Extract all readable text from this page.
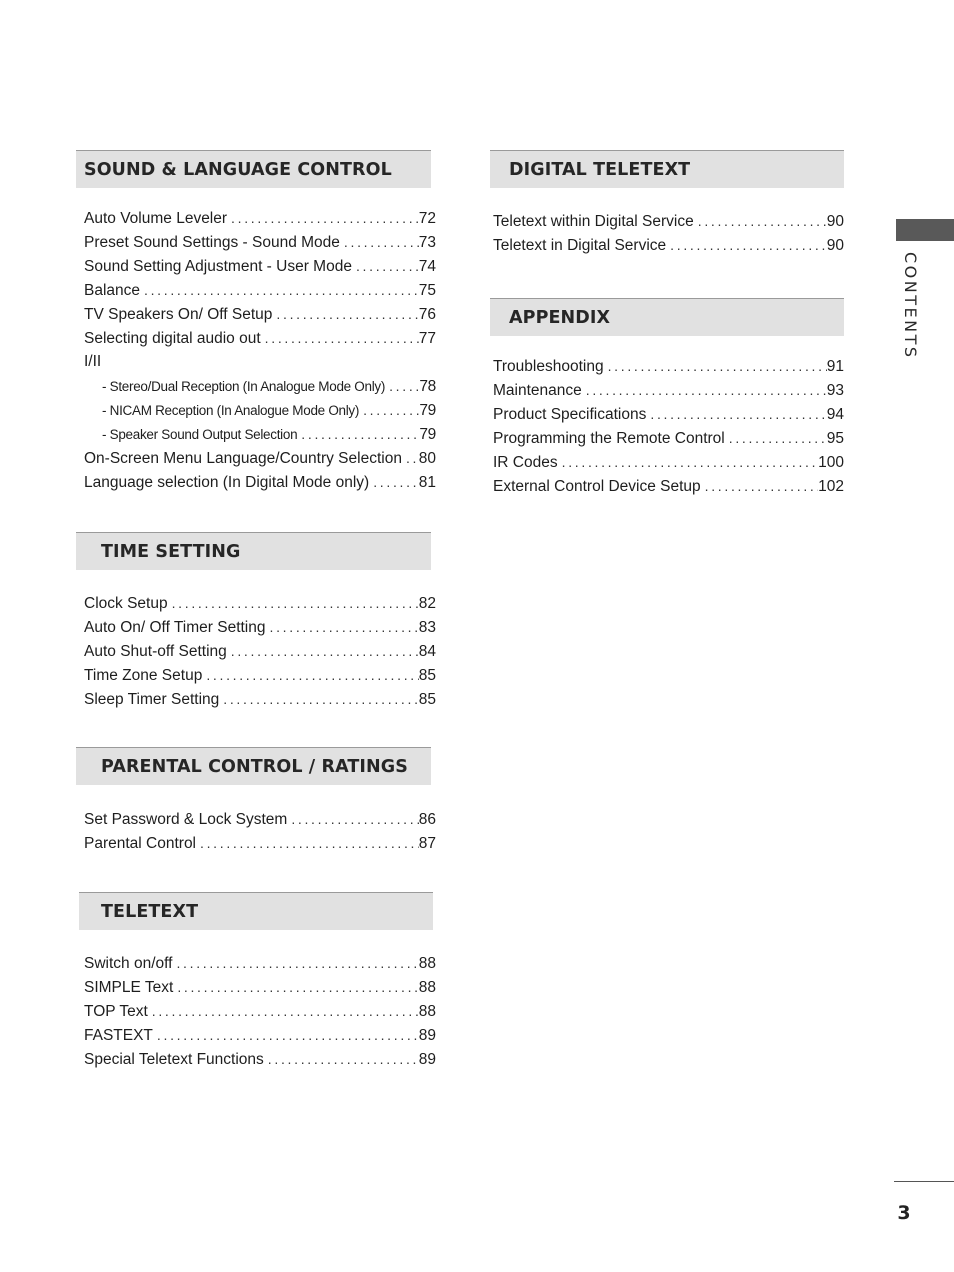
SOUND & LANGUAGE CONTROL
Auto Volume Leveler . . .	72
Preset Sound Settings - Sound Mode . . .	73
Sound Setting Adjustment - User Mode . . .	74
Balance . . .	75
TV Speakers On/ Off Setup . . .	76
Selecting digital audio out . . .	77
I/II
- Stereo/Dual Reception (In Analogue Mode Only) . . . 78
- NICAM Reception (In Analogue Mode Only) . . .	79
- Speaker Sound Output Selection . . .	79
On-Screen Menu Language/Country Selection . . . 80
Language selection (In Digital Mode only) . . .	81
TIME SETTING
Clock Setup . . .	82
Auto On/ Off Timer Setting . . .	83
Auto Shut-off Setting . . .	84
Time Zone Setup . . .	85
Sleep Timer Setting . . .	85
PARENTAL CONTROL / RATINGS
Set Password & Lock System . . .	86
Parental Control . . .	87
TELETEXT
Switch on/off . . .	88
SIMPLE Text . . .	88
TOP Text . . .	88
FASTEXT . . .	89
Special Teletext Functions . . .	89
DIGITAL TELETEXT
Teletext within Digital Service . . .	90
Teletext in Digital Service . . .	90
APPENDIX
Troubleshooting . . .	91
Maintenance . . .	93
Product Specifications . . .	94
Programming the Remote Control . . .	95
IR Codes . . .	100
External Control Device Setup . . .	102
CONTENTS
3
